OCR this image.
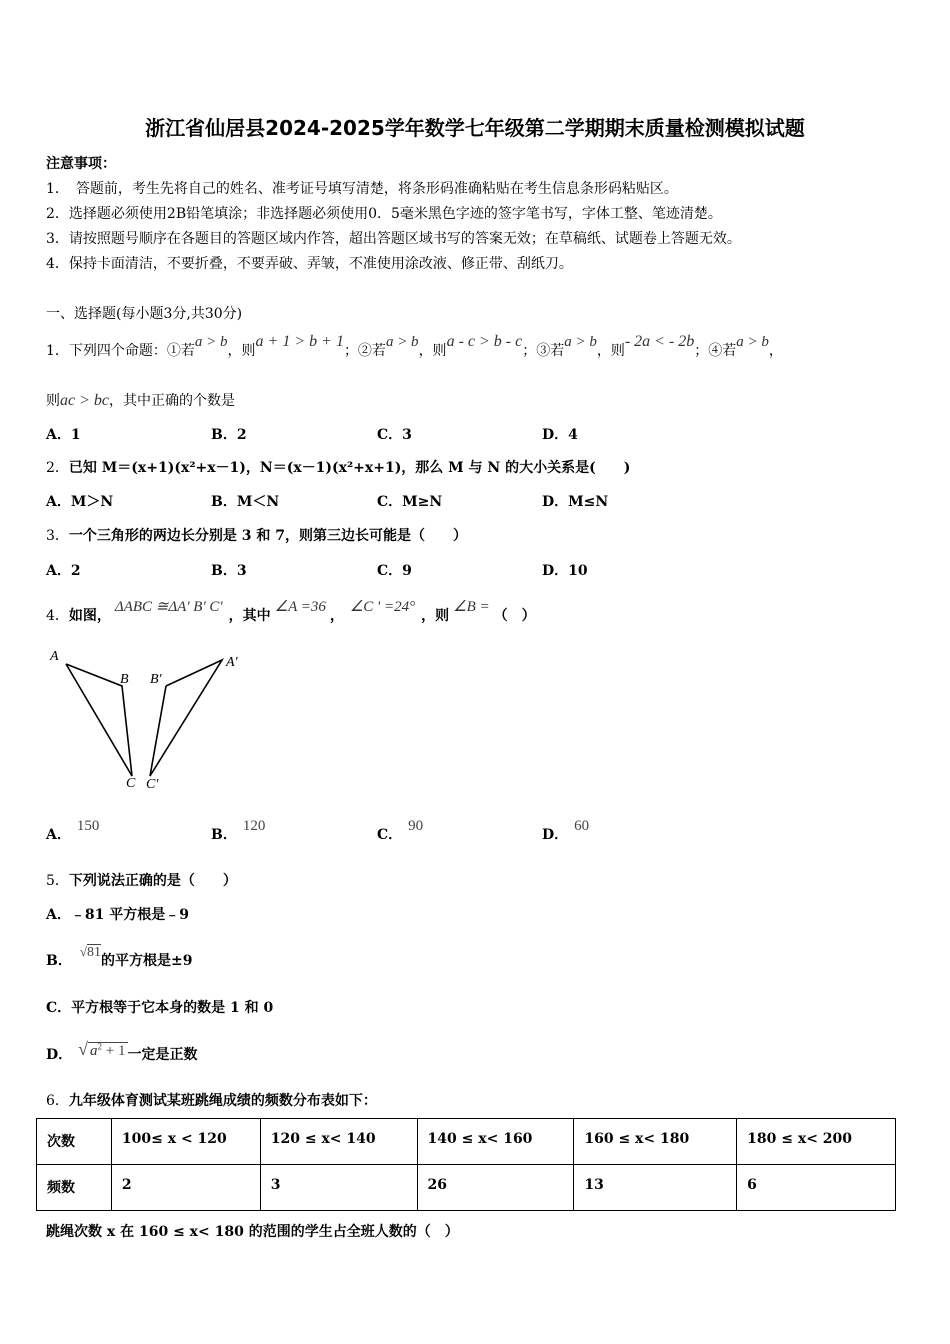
浙江省仙居县2024-2025学年数学七年级第二学期期末质量检测模拟试题
注意事项：
1．　答题前，考生先将自己的姓名、准考证号填写清楚，将条形码准确粘贴在考生信息条形码粘贴区。
2．选择题必须使用2B铅笔填涂；非选择题必须使用0．5毫米黑色字迹的签字笔书写，字体工整、笔迹清楚。
3．请按照题号顺序在各题目的答题区域内作答，超出答题区域书写的答案无效；在草稿纸、试题卷上答题无效。
4．保持卡面清洁，不要折叠，不要弄破、弄皱，不准使用涂改液、修正带、刮纸刀。
一、选择题(每小题3分,共30分)
1．下列四个命题：①若a > b，则a + 1 > b + 1；②若a > b，则a - c > b - c；③若a > b，则- 2a < - 2b；④若a > b，
则ac > bc，其中正确的个数是
A．1	B．2	C．3	D．4
2．已知 M＝(x+1)(x²+x－1)，N＝(x－1)(x²+x+1)，那么 M 与 N 的大小关系是(　　)
A．M＞N	B．M＜N	C．M≥N	D．M≤N
3．一个三角形的两边长分别是 3 和 7，则第三边长可能是（　　）
A．2	B．3	C．9	D．10
4．如图，ΔABC ≅ΔA' B' C'，其中∠A =36，∠C ' =24°，则∠B =（　）
A
B
C
B'
A'
C'
A．150
B．120
C．90
D．60
5．下列说法正确的是（　　）
A．﹣81 平方根是﹣9
B．√81的平方根是±9
C．平方根等于它本身的数是 1 和 0
D． √ $a^2 + 1$ 一定是正数
6．九年级体育测试某班跳绳成绩的频数分布表如下：
次数	100≤ x < 120	120 ≤ x< 140	140 ≤ x< 160	160 ≤ x< 180	180 ≤ x< 200
频数	2	3	26	13	6
跳绳次数 x 在 160 ≤ x< 180 的范围的学生占全班人数的（　）
